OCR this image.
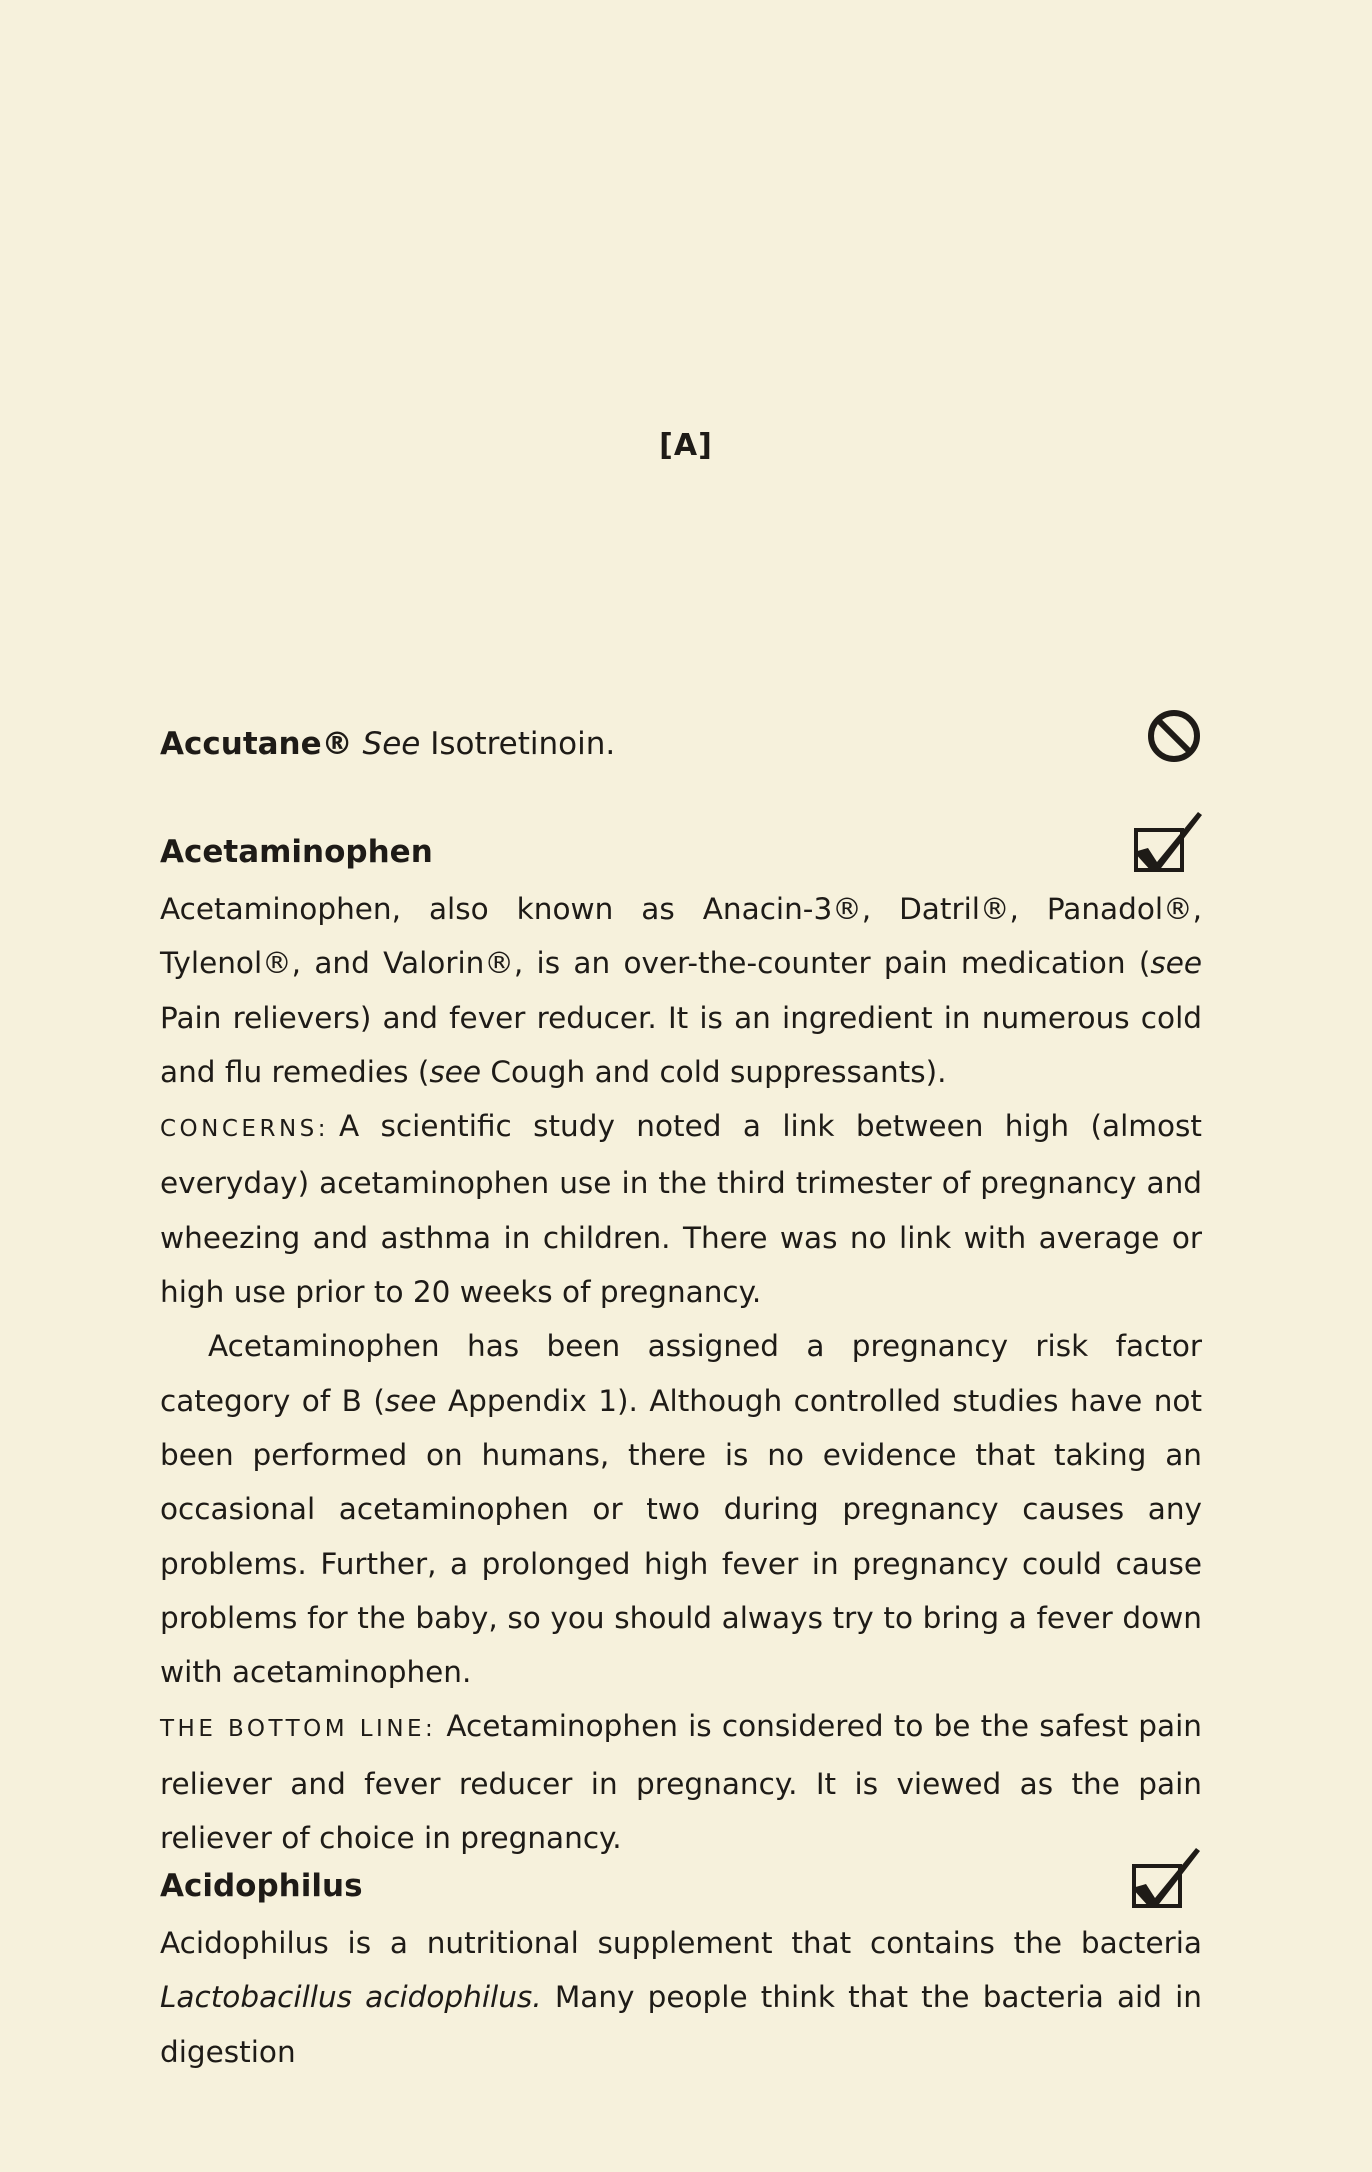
[A]
Accutane® See Isotretinoin.
Acetaminophen

Acetaminophen, also known as Anacin-3®, Datril®, Panadol®, Tylenol®, and Valorin®, is an over-the-counter pain medication (see Pain relievers) and fever reducer. It is an ingredient in numerous cold and flu remedies (see Cough and cold suppressants).

CONCERNS: A scientific study noted a link between high (almost everyday) acetaminophen use in the third trimester of pregnancy and wheezing and asthma in children. There was no link with average or high use prior to 20 weeks of pregnancy.

Acetaminophen has been assigned a pregnancy risk factor category of B (see Appendix 1). Although controlled studies have not been performed on humans, there is no evidence that taking an occasional acetaminophen or two during pregnancy causes any problems. Further, a prolonged high fever in pregnancy could cause problems for the baby, so you should always try to bring a fever down with acetaminophen.

THE BOTTOM LINE: Acetaminophen is considered to be the safest pain reliever and fever reducer in pregnancy. It is viewed as the pain reliever of choice in pregnancy.

Acidophilus

Acidophilus is a nutritional supplement that contains the bacteria Lactobacillus acidophilus. Many people think that the bacteria aid in digestion
